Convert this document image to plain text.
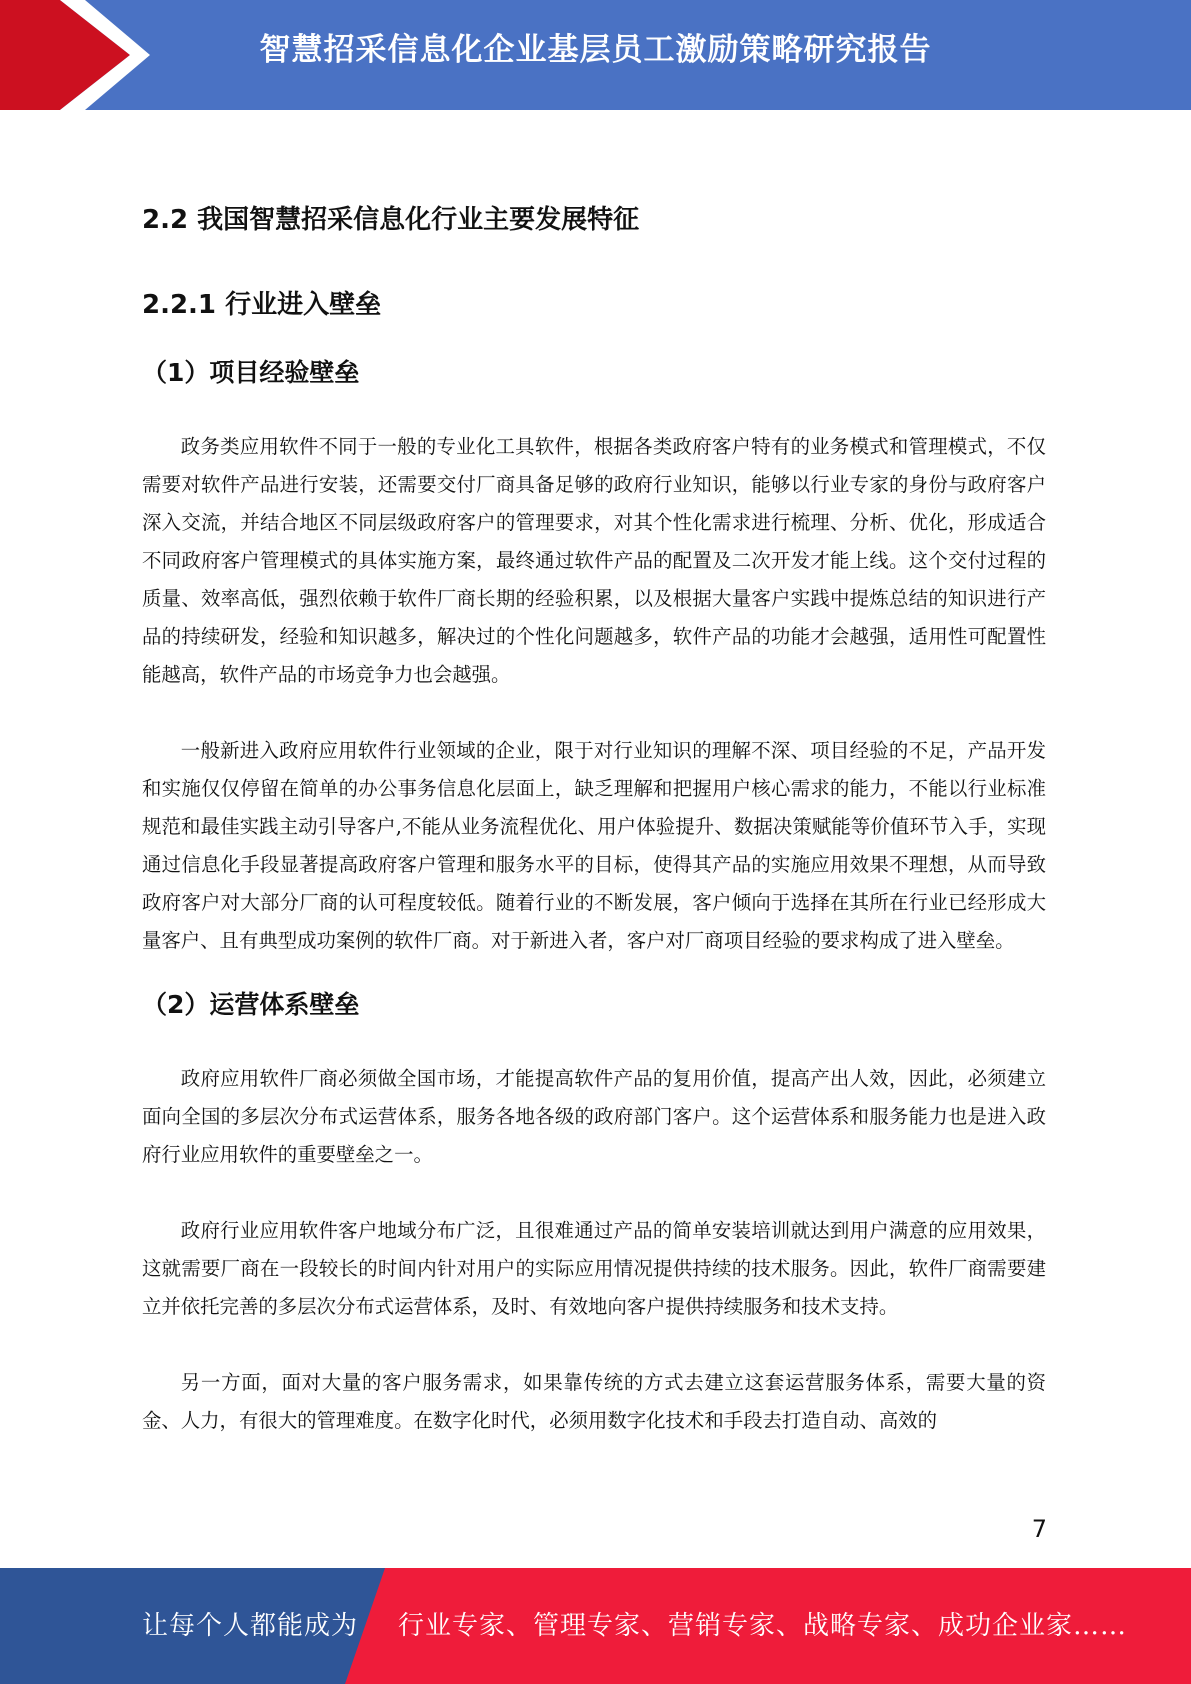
智慧招采信息化企业基层员工激励策略研究报告
2.2 我国智慧招采信息化行业主要发展特征
2.2.1 行业进入壁垒
（1）项目经验壁垒

政务类应用软件不同于一般的专业化工具软件，根据各类政府客户特有的业务模式和管理模式，不仅需要对软件产品进行安装，还需要交付厂商具备足够的政府行业知识，能够以行业专家的身份与政府客户深入交流，并结合地区不同层级政府客户的管理要求，对其个性化需求进行梳理、分析、优化，形成适合不同政府客户管理模式的具体实施方案，最终通过软件产品的配置及二次开发才能上线。这个交付过程的质量、效率高低，强烈依赖于软件厂商长期的经验积累，以及根据大量客户实践中提炼总结的知识进行产品的持续研发，经验和知识越多，解决过的个性化问题越多，软件产品的功能才会越强，适用性可配置性能越高，软件产品的市场竞争力也会越强。

一般新进入政府应用软件行业领域的企业，限于对行业知识的理解不深、项目经验的不足，产品开发和实施仅仅停留在简单的办公事务信息化层面上，缺乏理解和把握用户核心需求的能力，不能以行业标准规范和最佳实践主动引导客户,不能从业务流程优化、用户体验提升、数据决策赋能等价值环节入手，实现通过信息化手段显著提高政府客户管理和服务水平的目标，使得其产品的实施应用效果不理想，从而导致政府客户对大部分厂商的认可程度较低。随着行业的不断发展，客户倾向于选择在其所在行业已经形成大量客户、且有典型成功案例的软件厂商。对于新进入者，客户对厂商项目经验的要求构成了进入壁垒。

（2）运营体系壁垒

政府应用软件厂商必须做全国市场，才能提高软件产品的复用价值，提高产出人效，因此，必须建立面向全国的多层次分布式运营体系，服务各地各级的政府部门客户。这个运营体系和服务能力也是进入政府行业应用软件的重要壁垒之一。

政府行业应用软件客户地域分布广泛，且很难通过产品的简单安装培训就达到用户满意的应用效果，这就需要厂商在一段较长的时间内针对用户的实际应用情况提供持续的技术服务。因此，软件厂商需要建立并依托完善的多层次分布式运营体系，及时、有效地向客户提供持续服务和技术支持。

另一方面，面对大量的客户服务需求，如果靠传统的方式去建立这套运营服务体系，需要大量的资金、人力，有很大的管理难度。在数字化时代，必须用数字化技术和手段去打造自动、高效的

7
让每个人都能成为 行业专家、管理专家、营销专家、战略专家、成功企业家……
